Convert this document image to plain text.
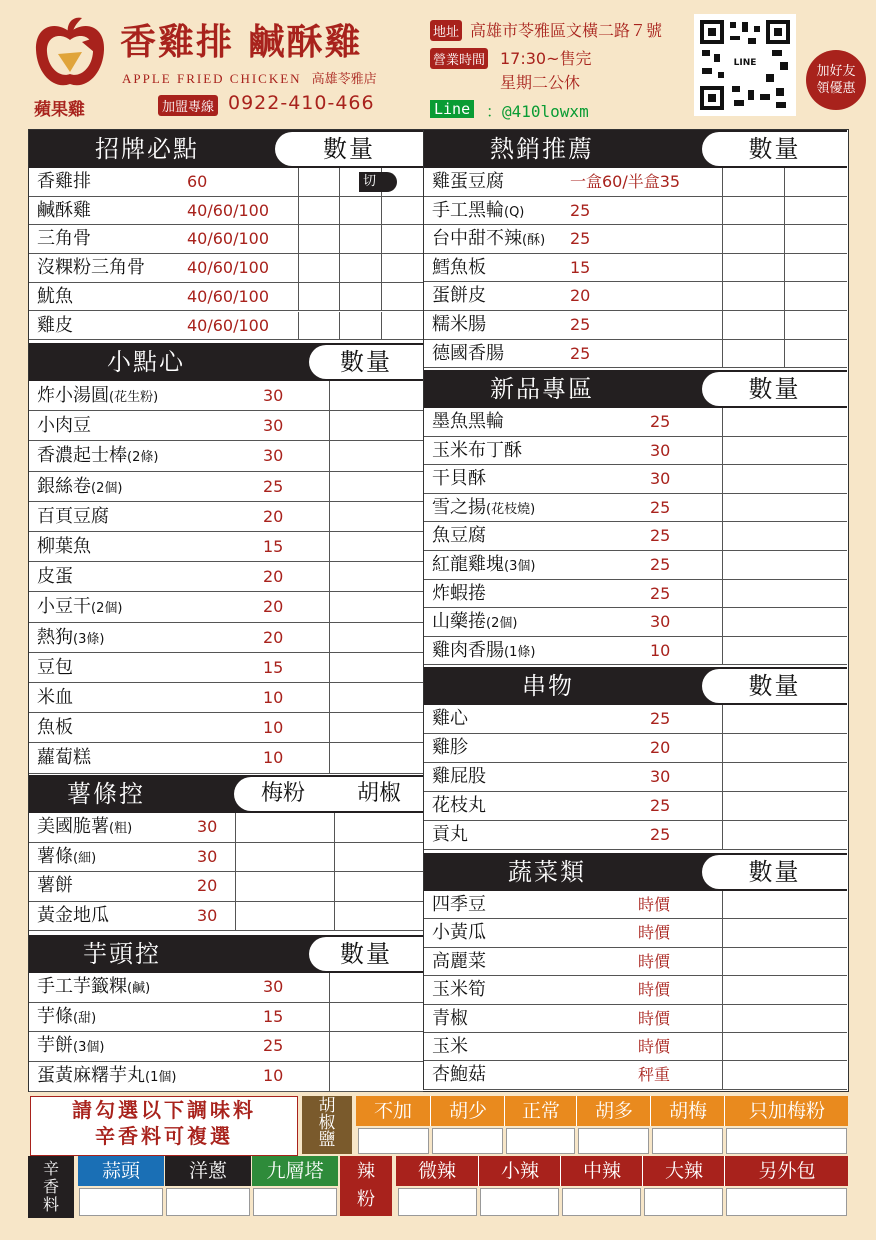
香雞排 鹹酥雞
APPLE FRIED CHICKEN 高雄苓雅店
蘋果雞	加盟專線 0922-410-466
地址 高雄市苓雅區文橫二路７號
營業時間 17:30~售完
星期二公休
Line ：@410lowxm
LINE
加好友
領優惠
招牌必點	數量
香雞排	60	切
鹹酥雞	40/60/100
三角骨	40/60/100
沒粿粉三角骨	40/60/100
魷魚	40/60/100
雞皮	40/60/100
小點心	數量
炸小湯圓(花生粉)	30
小肉豆	30
香濃起士棒(2條)	30
銀絲卷(2個)	25
百頁豆腐	20
柳葉魚	15
皮蛋	20
小豆干(2個)	20
熱狗(3條)	20
豆包	15
米血	10
魚板	10
蘿蔔糕	10
薯條控	梅粉	胡椒
美國脆薯(粗)	30
薯條(細)	30
薯餅	20
黃金地瓜	30
芋頭控	數量
手工芋籤粿(鹹)	30
芋條(甜)	15
芋餅(3個)	25
蛋黃麻糬芋丸(1個)	10
熱銷推薦	數量
雞蛋豆腐	一盒60/半盒35
手工黑輪(Q)	25
台中甜不辣(酥) 25
鱈魚板	15
蛋餅皮	20
糯米腸	25
德國香腸	25
新品專區	數量
墨魚黑輪	25
玉米布丁酥	30
干貝酥	30
雪之揚(花枝燒)	25
魚豆腐	25
紅龍雞塊(3個)	25
炸蝦捲	25
山藥捲(2個)	30
雞肉香腸(1條)	10
串物	數量
雞心	25
雞胗	20
雞屁股	30
花枝丸	25
貢丸	25
蔬菜類	數量
四季豆	時價
小黃瓜	時價
高麗菜	時價
玉米筍	時價
青椒	時價
玉米	時價
杏鮑菇	秤重
請勾選以下調味料
辛香料可複選
胡椒鹽
不加	胡少	正常	胡多	胡梅	只加梅粉
辛香料
蒜頭	洋蔥	九層塔	辣粉
微辣	小辣	中辣	大辣	另外包
